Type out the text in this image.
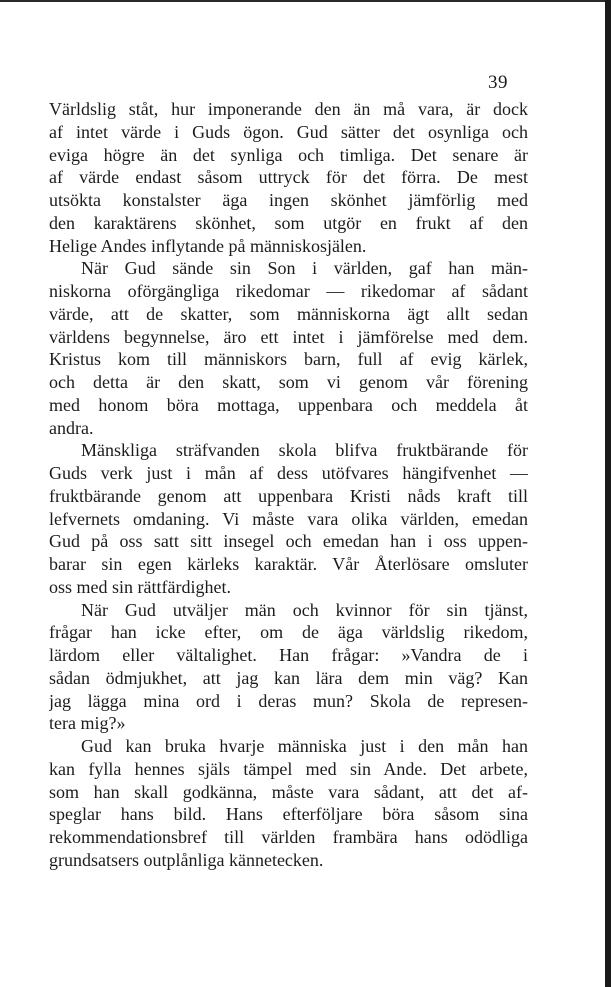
39
Världslig ståt, hur imponerande den än må vara, är dock
af intet värde i Guds ögon. Gud sätter det osynliga och
eviga högre än det synliga och timliga. Det senare är
af värde endast såsom uttryck för det förra. De mest
utsökta konstalster äga ingen skönhet jämförlig med
den karaktärens skönhet, som utgör en frukt af den
Helige Andes inflytande på människosjälen.
När Gud sände sin Son i världen, gaf han män-
niskorna oförgängliga rikedomar — rikedomar af sådant
värde, att de skatter, som människorna ägt allt sedan
världens begynnelse, äro ett intet i jämförelse med dem.
Kristus kom till människors barn, full af evig kärlek,
och detta är den skatt, som vi genom vår förening
med honom böra mottaga, uppenbara och meddela åt
andra.
Mänskliga sträfvanden skola blifva fruktbärande för
Guds verk just i mån af dess utöfvares hängifvenhet —
fruktbärande genom att uppenbara Kristi nåds kraft till
lefvernets omdaning. Vi måste vara olika världen, emedan
Gud på oss satt sitt insegel och emedan han i oss uppen-
barar sin egen kärleks karaktär. Vår Återlösare omsluter
oss med sin rättfärdighet.
När Gud utväljer män och kvinnor för sin tjänst,
frågar han icke efter, om de äga världslig rikedom,
lärdom eller vältalighet. Han frågar: »Vandra de i
sådan ödmjukhet, att jag kan lära dem min väg? Kan
jag lägga mina ord i deras mun? Skola de represen-
tera mig?»
Gud kan bruka hvarje människa just i den mån han
kan fylla hennes själs tämpel med sin Ande. Det arbete,
som han skall godkänna, måste vara sådant, att det af-
speglar hans bild. Hans efterföljare böra såsom sina
rekommendationsbref till världen frambära hans odödliga
grundsatsers outplånliga kännetecken.
